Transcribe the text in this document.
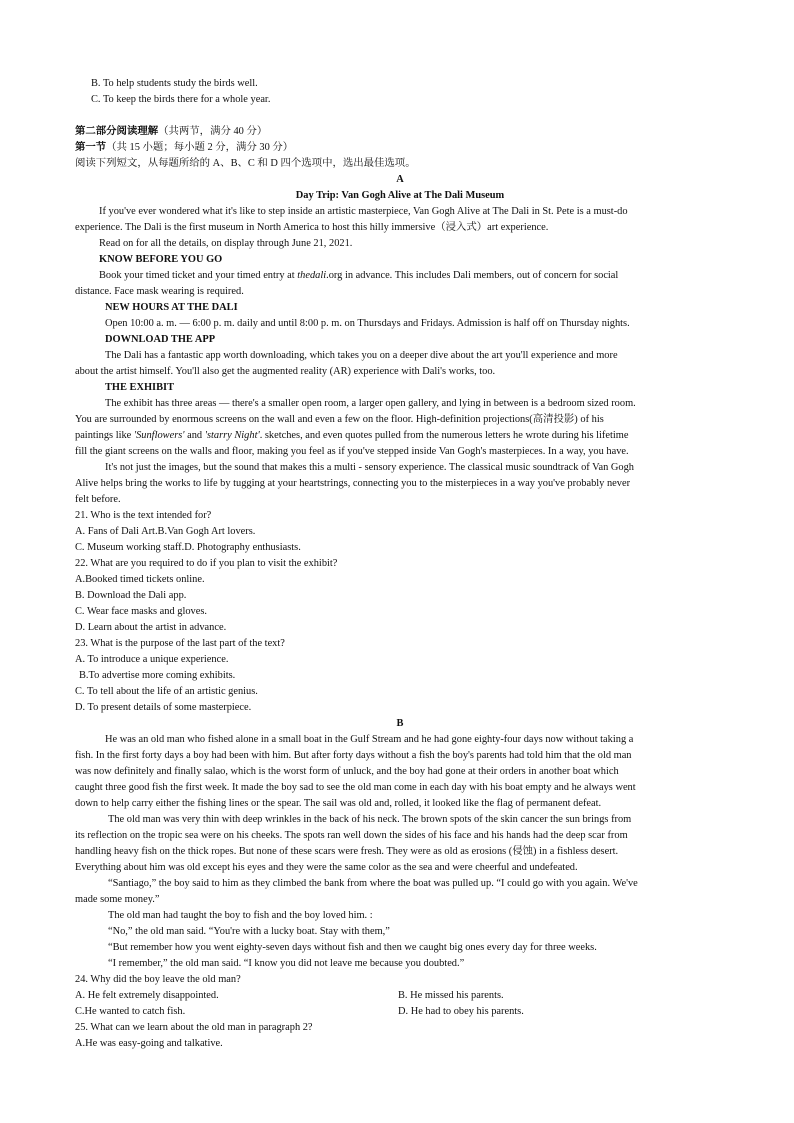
B. To help students study the birds well.
C. To keep the birds there for a whole year.
第二部分阅读理解（共两节，满分 40 分）
第一节（共 15 小题；每小题 2 分，满分 30 分）
阅读下列短文，从每题所给的 A、B、C 和 D 四个选项中，选出最佳选项。
A
Day Trip: Van Gogh Alive at The Dali Museum
If you've ever wondered what it's like to step inside an artistic masterpiece, Van Gogh Alive at The Dali in St. Pete is a must-do
experience. The Dali is the first museum in North America to host this hilly immersive（浸入式）art experience.
Read on for all the details, on display through June 21, 2021.
KNOW BEFORE YOU GO
Book your timed ticket and your timed entry at thedali.org in advance. This includes Dali members, out of concern for social
distance. Face mask wearing is required.
NEW HOURS AT THE DALI
Open 10:00 a. m. — 6:00 p. m. daily and until 8:00 p. m. on Thursdays and Fridays. Admission is half off on Thursday nights.
DOWNLOAD THE APP
The Dali has a fantastic app worth downloading, which takes you on a deeper dive about the art you'll experience and more
about the artist himself. You'll also get the augmented reality (AR) experience with Dali's works, too.
THE EXHIBIT
The exhibit has three areas — there's a smaller open room, a larger open gallery, and lying in between is a bedroom sized room.
You are surrounded by enormous screens on the wall and even a few on the floor. High-definition projections(高清投影) of his
paintings like 'Sunflowers' and 'starry Night'. sketches, and even quotes pulled from the numerous letters he wrote during his lifetime
fill the giant screens on the walls and floor, making you feel as if you've stepped inside Van Gogh's masterpieces. In a way, you have.
It's not just the images, but the sound that makes this a multi - sensory experience. The classical music soundtrack of Van Gogh
Alive helps bring the works to life by tugging at your heartstrings, connecting you to the misterpieces in a way you've probably never
felt before.
21. Who is the text intended for?
A. Fans of Dali Art.B.Van Gogh Art lovers.
C. Museum working staff.D. Photography enthusiasts.
22. What are you required to do if you plan to visit the exhibit?
A.Booked timed tickets online.
B. Download the Dali app.
C. Wear face masks and gloves.
D. Learn about the artist in advance.
23. What is the purpose of the last part of the text?
A. To introduce a unique experience.
B.To advertise more coming exhibits.
C. To tell about the life of an artistic genius.
D. To present details of some masterpiece.
B
He was an old man who fished alone in a small boat in the Gulf Stream and he had gone eighty-four days now without taking a
fish. In the first forty days a boy had been with him. But after forty days without a fish the boy's parents had told him that the old man
was now definitely and finally salao, which is the worst form of unluck, and the boy had gone at their orders in another boat which
caught three good fish the first week. It made the boy sad to see the old man come in each day with his boat empty and he always went
down to help carry either the fishing lines or the spear. The sail was old and, rolled, it looked like the flag of permanent defeat.
The old man was very thin with deep wrinkles in the back of his neck. The brown spots of the skin cancer the sun brings from
its reflection on the tropic sea were on his cheeks. The spots ran well down the sides of his face and his hands had the deep scar from
handling heavy fish on the thick ropes. But none of these scars were fresh. They were as old as erosions (侵蚀) in a fishless desert.
Everything about him was old except his eyes and they were the same color as the sea and were cheerful and undefeated.
“Santiago,” the boy said to him as they climbed the bank from where the boat was pulled up. “I could go with you again. We've
made some money.”
The old man had taught the boy to fish and the boy loved him. :
“No,” the old man said. “You're with a lucky boat. Stay with them,”
“But remember how you went eighty-seven days without fish and then we caught big ones every day for three weeks.
“I remember,” the old man said. “I know you did not leave me because you doubted.”
24. Why did the boy leave the old man?
A. He felt extremely disappointed.	B. He missed his parents.
C.He wanted to catch fish.	D. He had to obey his parents.
25. What can we learn about the old man in paragraph 2?
A.He was easy-going and talkative.
